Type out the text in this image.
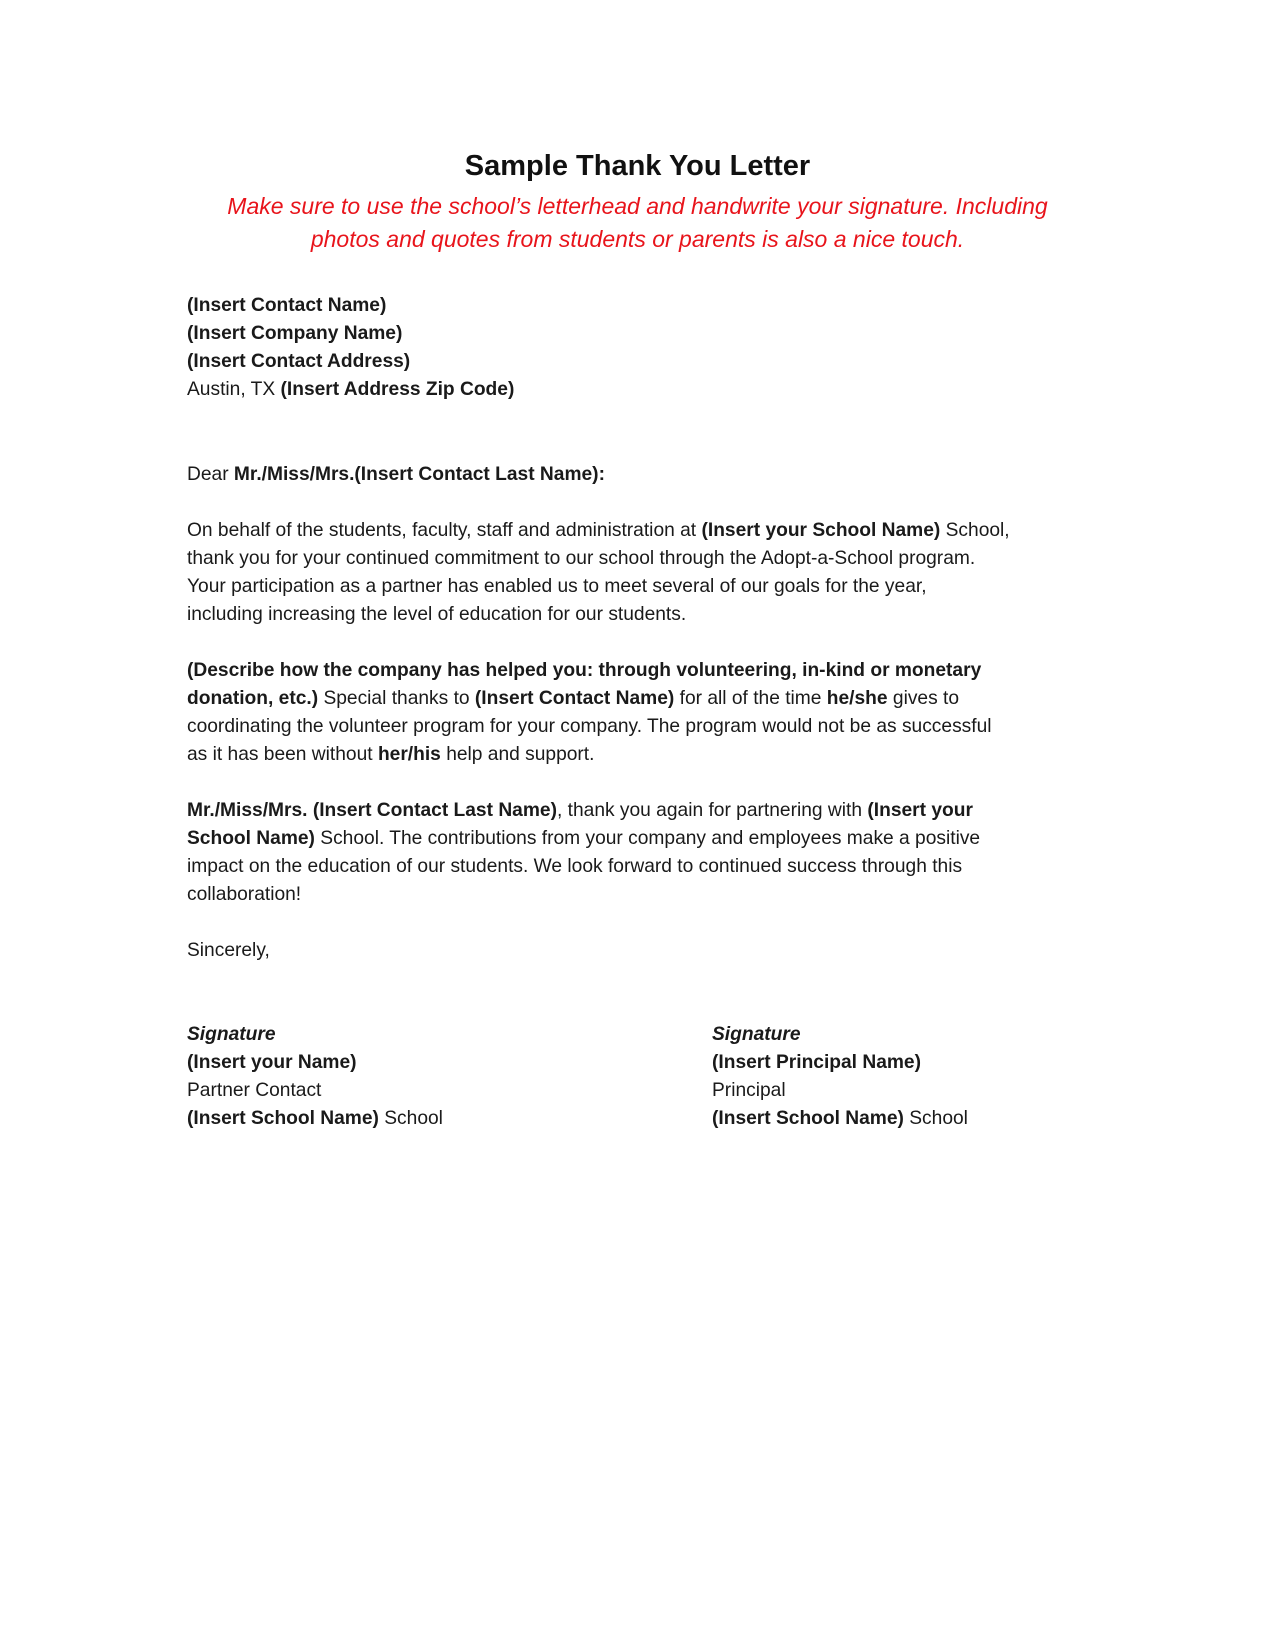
Sample Thank You Letter
Make sure to use the school’s letterhead and handwrite your signature. Including
photos and quotes from students or parents is also a nice touch.
(Insert Contact Name)
(Insert Company Name)
(Insert Contact Address)
Austin, TX (Insert Address Zip Code)
Dear Mr./Miss/Mrs.(Insert Contact Last Name):
On behalf of the students, faculty, staff and administration at (Insert your School Name) School,
thank you for your continued commitment to our school through the Adopt-a-School program.
Your participation as a partner has enabled us to meet several of our goals for the year,
including increasing the level of education for our students.
(Describe how the company has helped you: through volunteering, in-kind or monetary
donation, etc.) Special thanks to (Insert Contact Name) for all of the time he/she gives to
coordinating the volunteer program for your company. The program would not be as successful
as it has been without her/his help and support.
Mr./Miss/Mrs. (Insert Contact Last Name), thank you again for partnering with (Insert your
School Name) School. The contributions from your company and employees make a positive
impact on the education of our students. We look forward to continued success through this
collaboration!
Sincerely,
Signature
(Insert your Name)
Partner Contact
(Insert School Name) School
Signature
(Insert Principal Name)
Principal
(Insert School Name) School
